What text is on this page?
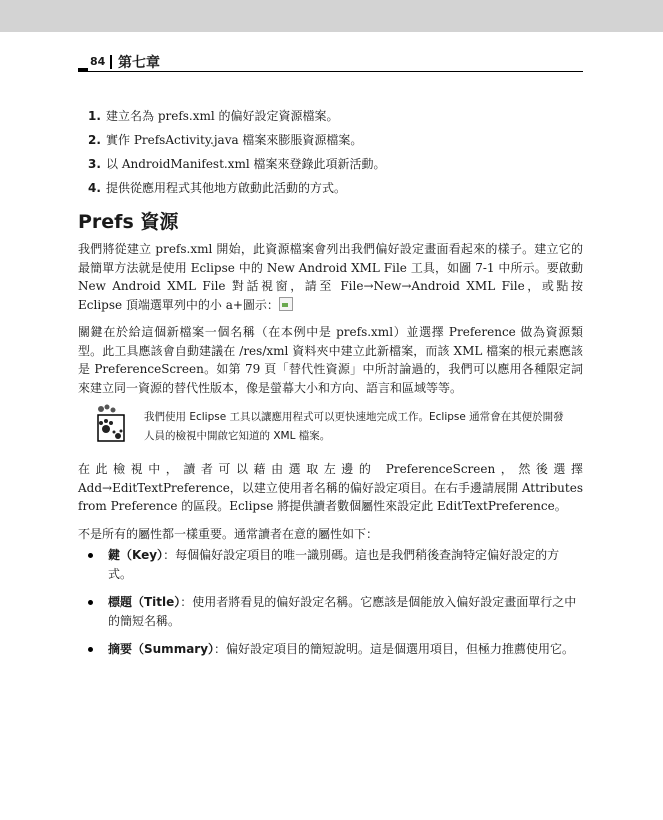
84 第七章
1. 建立名為 prefs.xml 的偏好設定資源檔案。
2. 實作 PrefsActivity.java 檔案來膨脹資源檔案。
3. 以 AndroidManifest.xml 檔案來登錄此項新活動。
4. 提供從應用程式其他地方啟動此活動的方式。
Prefs 資源

我們將從建立 prefs.xml 開始，此資源檔案會列出我們偏好設定畫面看起來的樣子。建立它的最簡單方法就是使用 Eclipse 中的 New Android XML File 工具，如圖 7-1 中所示。要啟動 New Android XML File 對話視窗，請至 File→New→Android XML File，或點按 Eclipse 頂端選單列中的小 a+圖示：

關鍵在於給這個新檔案一個名稱（在本例中是 prefs.xml）並選擇 Preference 做為資源類型。此工具應該會自動建議在 /res/xml 資料夾中建立此新檔案，而該 XML 檔案的根元素應該是 PreferenceScreen。如第 79 頁「替代性資源」中所討論過的，我們可以應用各種限定詞來建立同一資源的替代性版本，像是螢幕大小和方向、語言和區域等等。

我們使用 Eclipse 工具以讓應用程式可以更快速地完成工作。Eclipse 通常會在其便於開發人員的檢視中開啟它知道的 XML 檔案。

在此檢視中，讀者可以藉由選取左邊的 PreferenceScreen，然後選擇 Add→EditTextPreference，以建立使用者名稱的偏好設定項目。在右手邊請展開 Attributes from Preference 的區段。Eclipse 將提供讀者數個屬性來設定此 EditTextPreference。

不是所有的屬性都一樣重要。通常讀者在意的屬性如下：

鍵（Key）：每個偏好設定項目的唯一識別碼。這也是我們稍後查詢特定偏好設定的方式。
標題（Title）：使用者將看見的偏好設定名稱。它應該是個能放入偏好設定畫面單行之中的簡短名稱。
摘要（Summary）：偏好設定項目的簡短說明。這是個選用項目，但極力推薦使用它。
